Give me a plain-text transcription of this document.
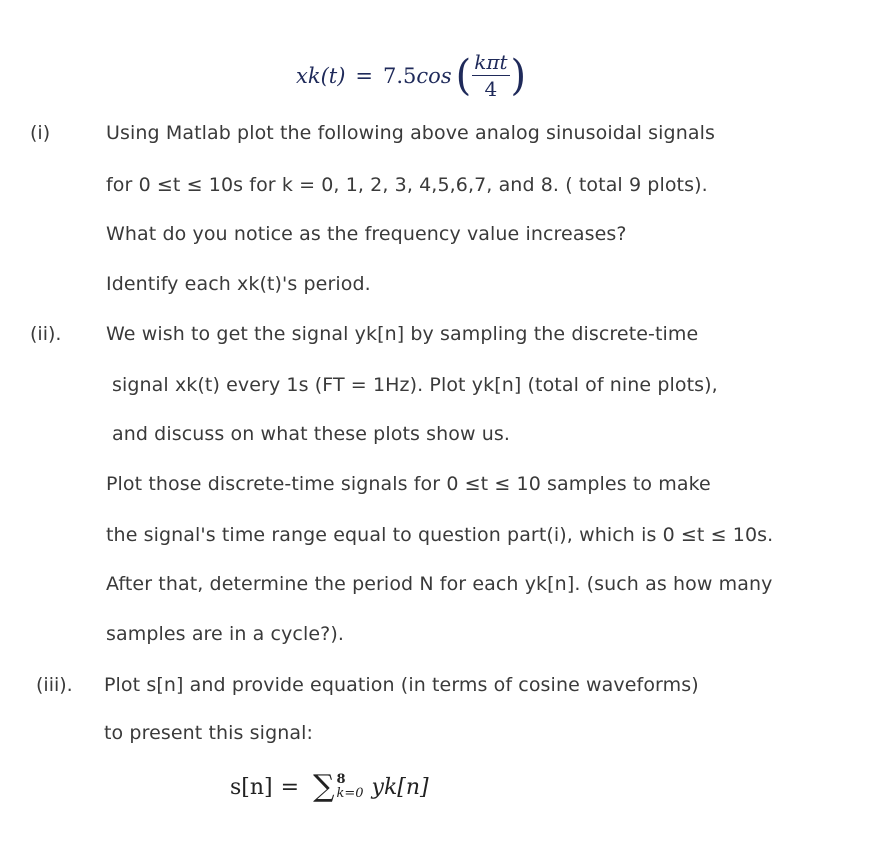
xk(t) = 7.5 cos ( $\frac{\text{kπt}}{4}$ )
(i)	Using Matlab plot the following above analog sinusoidal signals
for 0 ≤t ≤ 10s for k = 0, 1, 2, 3, 4,5,6,7, and 8. ( total 9 plots).
What do you notice as the frequency value increases?
Identify each xk(t)'s period.
(ii). We wish to get the signal yk[n] by sampling the discrete-time
signal xk(t) every 1s (FT = 1Hz). Plot yk[n] (total of nine plots),
and discuss on what these plots show us.
Plot those discrete-time signals for 0 ≤t ≤ 10 samples to make
the signal's time range equal to question part(i), which is 0 ≤t ≤ 10s.
After that, determine the period N for each yk[n]. (such as how many
samples are in a cycle?).
(iii). Plot s[n] and provide equation (in terms of cosine waveforms)
to present this signal:
s[n] = ∑ 8
k=0 yk[n]
